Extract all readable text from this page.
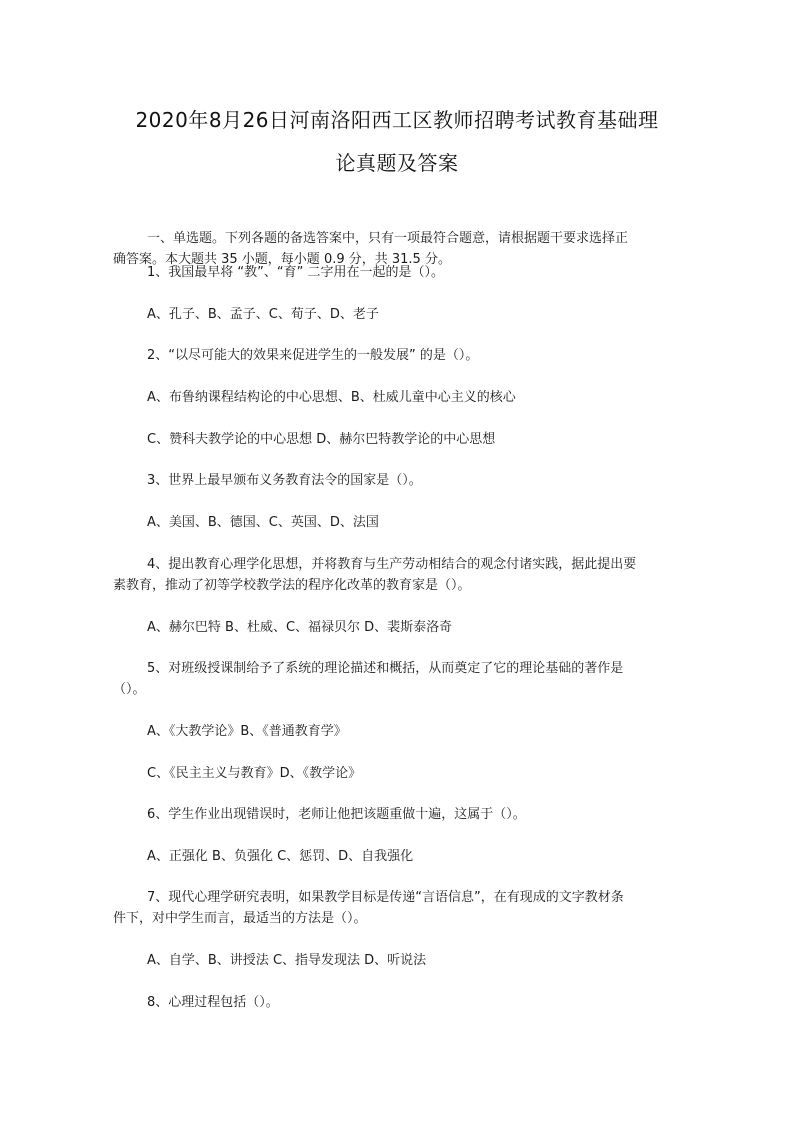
2020年8月26日河南洛阳西工区教师招聘考试教育基础理
论真题及答案
一、单选题。下列各题的备选答案中，只有一项最符合题意，请根据题干要求选择正
确答案。本大题共 35 小题，每小题 0.9 分，共 31.5 分。
1、我国最早将 “教”、“育” 二字用在一起的是（）。
A、孔子、B、孟子、C、荀子、D、老子
2、“以尽可能大的效果来促进学生的一般发展” 的是（）。
A、布鲁纳课程结构论的中心思想、B、杜威儿童中心主义的核心
C、赞科夫教学论的中心思想 D、赫尔巴特教学论的中心思想
3、世界上最早颁布义务教育法令的国家是（）。
A、美国、B、德国、C、英国、D、法国
4、提出教育心理学化思想，并将教育与生产劳动相结合的观念付诸实践，据此提出要
素教育，推动了初等学校教学法的程序化改革的教育家是（）。
A、赫尔巴特 B、杜威、C、福禄贝尔 D、裴斯泰洛奇
5、对班级授课制给予了系统的理论描述和概括，从而奠定了它的理论基础的著作是
（）。
A、《大教学论》B、《普通教育学》
C、《民主主义与教育》D、《教学论》
6、学生作业出现错误时，老师让他把该题重做十遍，这属于（）。
A、正强化 B、负强化 C、惩罚、D、自我强化
7、现代心理学研究表明，如果教学目标是传递“言语信息”，在有现成的文字教材条
件下，对中学生而言，最适当的方法是（）。
A、自学、B、讲授法 C、指导发现法 D、听说法
8、心理过程包括（）。
